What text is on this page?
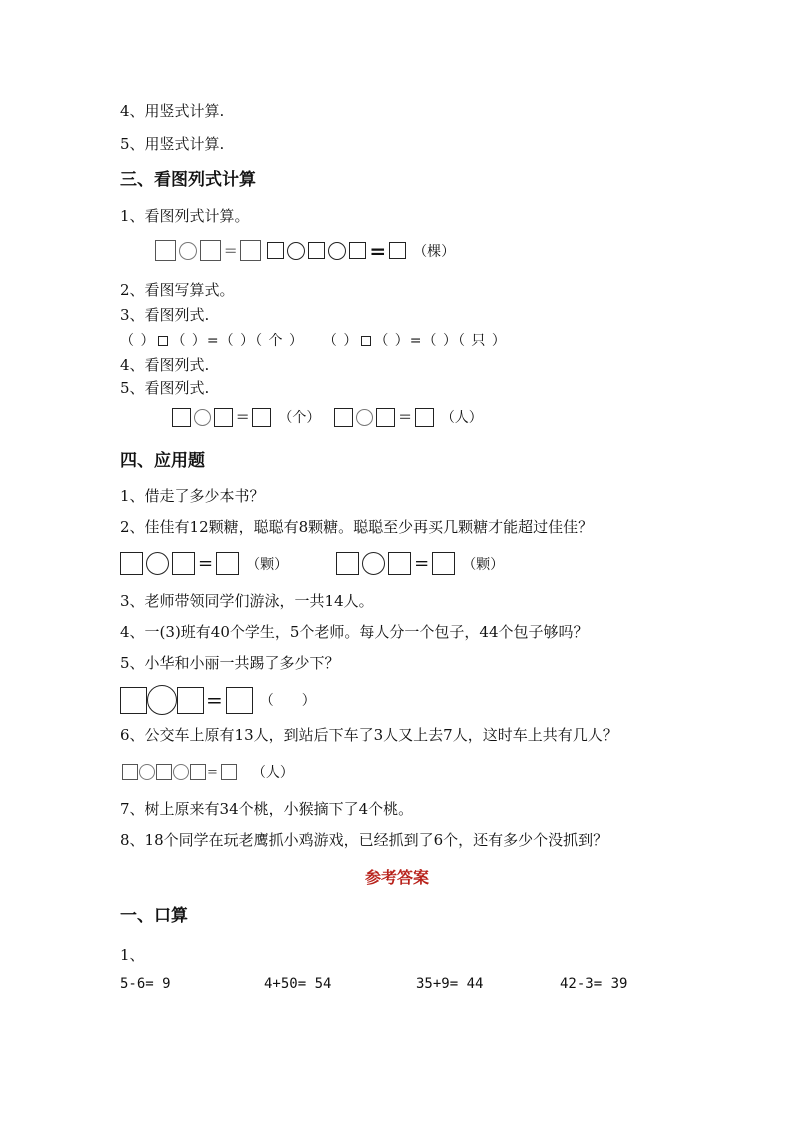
4、用竖式计算.
5、用竖式计算.
三、看图列式计算
1、看图列式计算。
=	= （棵）
2、看图写算式。
3、看图列式.
（ ） （ ）=（ ）（ 个 ） （ ） （ ）=（ ）（ 只 ）
4、看图列式.
5、看图列式.
= （个）	= （人）
四、应用题
1、借走了多少本书？
2、佳佳有12颗糖，聪聪有8颗糖。聪聪至少再买几颗糖才能超过佳佳？
= （颗）	= （颗）
3、老师带领同学们游泳，一共14人。
4、一(3)班有40个学生，5个老师。每人分一个包子，44个包子够吗？
5、小华和小丽一共踢了多少下？
=	（　　）
6、公交车上原有13人，到站后下车了3人又上去7人，这时车上共有几人？
= （人）
7、树上原来有34个桃，小猴摘下了4个桃。
8、18个同学在玩老鹰抓小鸡游戏，已经抓到了6个，还有多少个没抓到？
参考答案
一、口算
1、
5-6= 9	4+50= 54	35+9= 44	42-3= 39
